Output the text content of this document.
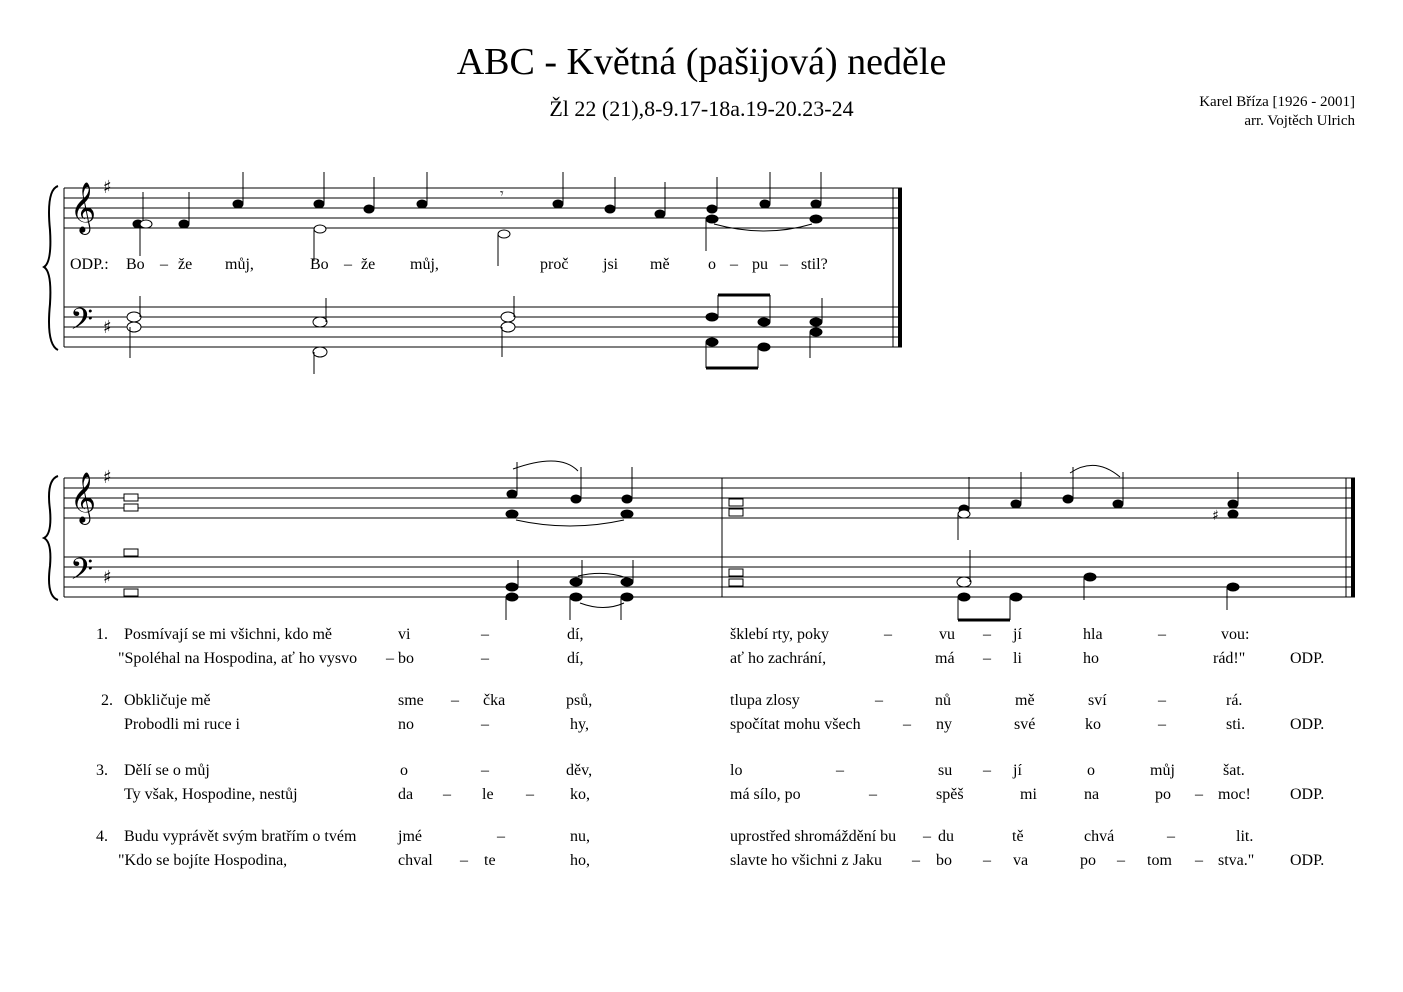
ABC - Květná (pašijová) neděle
Žl 22 (21),8-9.17-18a.19-20.23-24	Karel Bříza [1926 - 2001]
arr. Vojtěch Ulrich
𝄞 ♯
𝄢 ♯
𝄞 ♯
𝄢 ♯
𝄾
♯
ODP.: Bo – že můj,	Bo – že můj,	proč jsi mě o – pu – stil?
1. Posmívají se mi všichni, kdo mě	vi	–	dí,	šklebí rty, poky	–	vu – jí	hla	–	vou:
"Spoléhal na Hospodina, ať ho vysvo – bo	–	dí,	ať ho zachrání,	má – li	ho	rád!"	ODP.
2. Obkličuje mě	sme – čka	psů,	tlupa zlosy	–	nů	mě	sví	–	rá.
Probodli mi ruce i	no	–	hy,	spočítat mohu všech	– ny	své	ko	–	sti.	ODP.
3. Dělí se o můj	o	–	děv,	lo	–	su – jí	o	můj	šat.
Ty však, Hospodine, nestůj	da – le – ko,	má sílo, po	–	spěš	mi	na	po – moc! ODP.
4. Budu vyprávět svým bratřím o tvém	jmé	–	nu,	uprostřed shromáždění bu – du	tě	chvá	–	lit.
"Kdo se bojíte Hospodina,	chval – te	ho,	slavte ho všichni z Jaku – bo – va	po – tom – stva." ODP.
